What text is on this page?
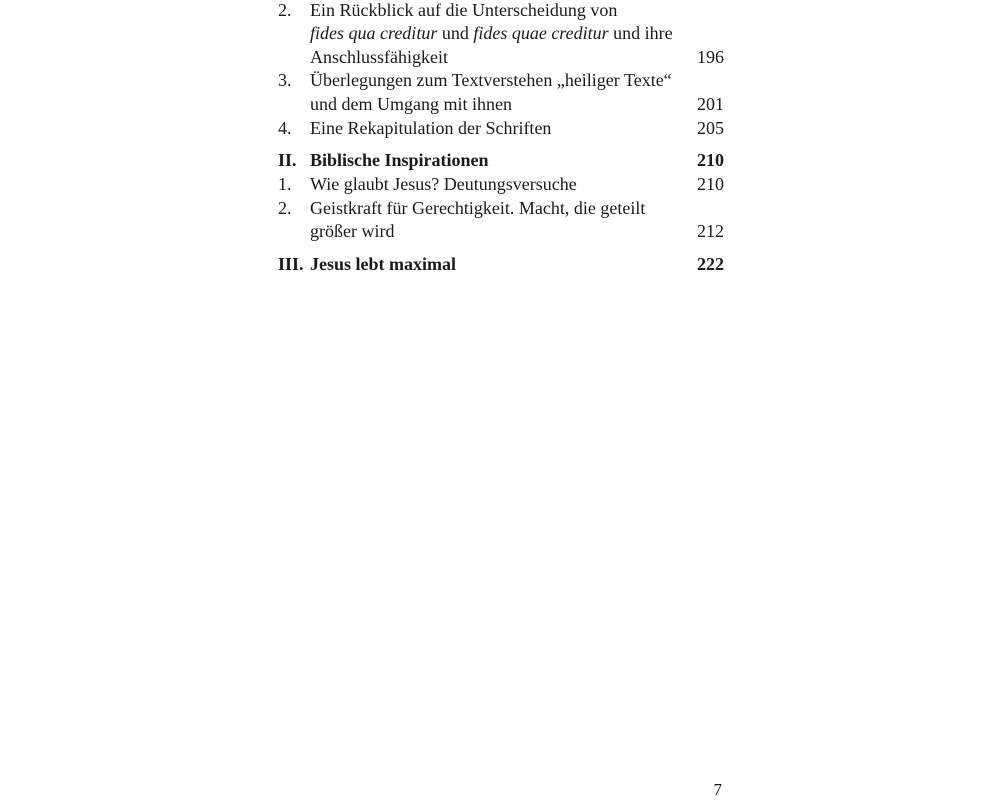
2.	Ein Rückblick auf die Unterscheidung von
fides qua creditur und fides quae creditur und ihre
Anschlussfähigkeit	196
3.	Überlegungen zum Textverstehen „heiliger Texte“
und dem Umgang mit ihnen	201
4.	Eine Rekapitulation der Schriften	205
II. Biblische Inspirationen	210
1.	Wie glaubt Jesus? Deutungsversuche	210
2.	Geistkraft für Gerechtigkeit. Macht, die geteilt
größer wird	212
III. Jesus lebt maximal	222
7
